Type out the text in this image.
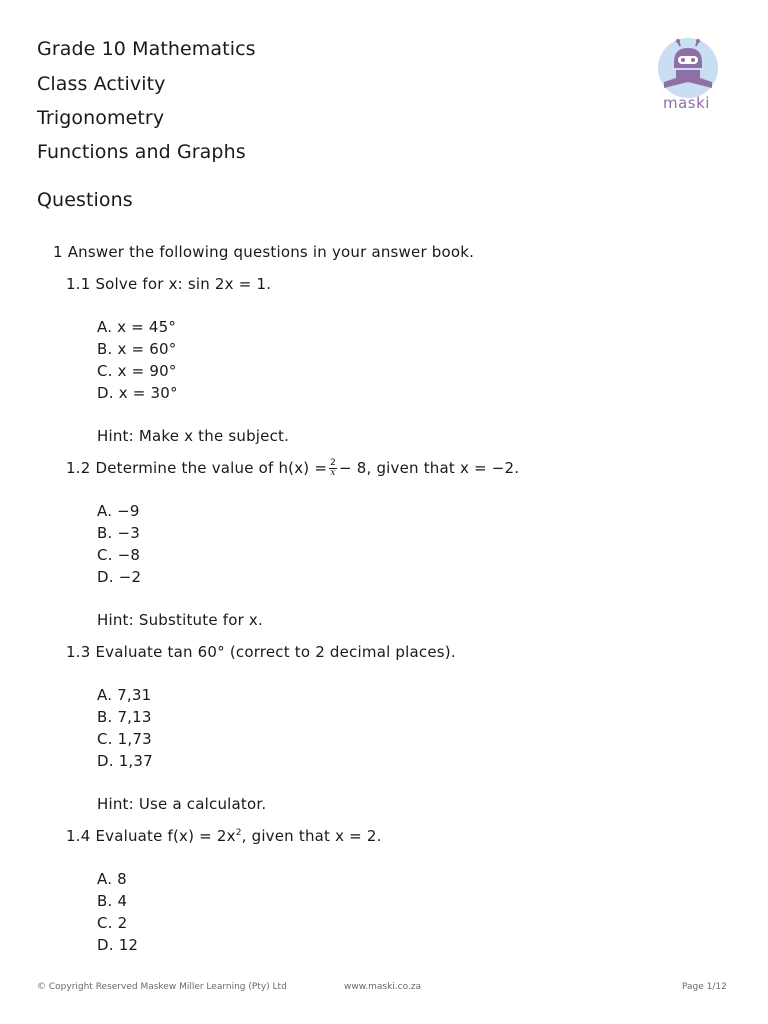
Grade 10 Mathematics
Class Activity
Trigonometry
Functions and Graphs
Questions
maski
1 Answer the following questions in your answer book.
1.1 Solve for x: sin 2x = 1.
A. x = 45°
B. x = 60°
C. x = 90°
D. x = 30°
Hint: Make x the subject.
1.2 Determine the value of $h(x) = \frac{2}{x} - 8$, given that x = −2.
A. −9
B. −3
C. −8
D. −2
Hint: Substitute for x.
1.3 Evaluate tan 60° (correct to 2 decimal places).
A. 7,31
B. 7,13
C. 1,73
D. 1,37
Hint: Use a calculator.
1.4 Evaluate $f(x) = 2x^2$, given that x = 2.
A. 8
B. 4
C. 2
D. 12
© Copyright Reserved Maskew Miller Learning (Pty) Ltd	www.maski.co.za	Page 1/12
